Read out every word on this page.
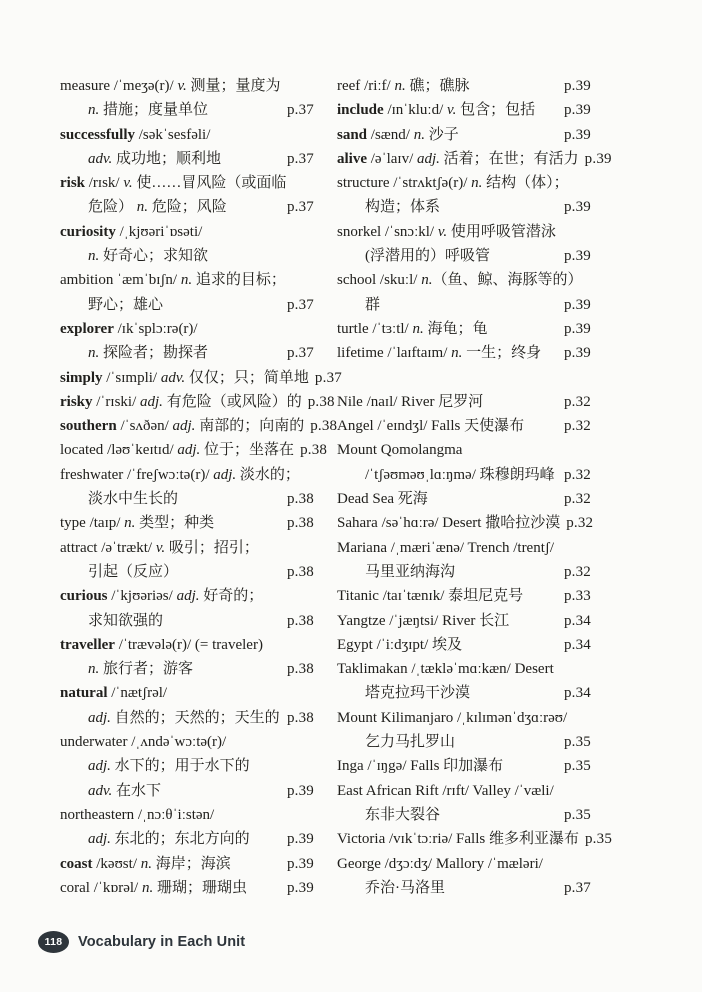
measure /ˈmeʒə(r)/ v. 测量；量度为
n. 措施；度量单位	p.37
successfully /səkˈsesfəli/
adv. 成功地；顺利地	p.37
risk /rɪsk/ v. 使……冒风险（或面临
危险） n. 危险；风险	p.37
curiosity /ˌkjʊəriˈɒsəti/
n. 好奇心；求知欲
ambition ˈæmˈbɪʃn/ n. 追求的目标；
野心；雄心	p.37
explorer /ɪkˈsplɔːrə(r)/
n. 探险者；勘探者	p.37
simply /ˈsɪmpli/ adv. 仅仅；只；简单地 p.37
risky /ˈrɪski/ adj. 有危险（或风险）的 p.38
southern /ˈsʌðən/ adj. 南部的；向南的 p.38
located /ləʊˈkeɪtɪd/ adj. 位于；坐落在 p.38
freshwater /ˈfreʃwɔːtə(r)/ adj. 淡水的；
淡水中生长的	p.38
type /taɪp/ n. 类型；种类	p.38
attract /əˈtrækt/ v. 吸引；招引；
引起（反应）	p.38
curious /ˈkjʊəriəs/ adj. 好奇的；
求知欲强的	p.38
traveller /ˈtrævələ(r)/ (= traveler)
n. 旅行者；游客	p.38
natural /ˈnætʃrəl/
adj. 自然的；天然的；天生的 p.38
underwater /ˌʌndəˈwɔːtə(r)/
adj. 水下的；用于水下的
adv. 在水下	p.39
northeastern /ˌnɔːθˈiːstən/
adj. 东北的；东北方向的	p.39
coast /kəʊst/ n. 海岸；海滨	p.39
coral /ˈkɒrəl/ n. 珊瑚；珊瑚虫	p.39
reef /riːf/ n. 礁；礁脉	p.39
include /ɪnˈkluːd/ v. 包含；包括	p.39
sand /sænd/ n. 沙子	p.39
alive /əˈlaɪv/ adj. 活着；在世；有活力 p.39
structure /ˈstrʌktʃə(r)/ n. 结构（体）；
构造；体系	p.39
snorkel /ˈsnɔːkl/ v. 使用呼吸管潜泳
(浮潜用的）呼吸管	p.39
school /skuːl/ n.（鱼、鲸、海豚等的）
群	p.39
turtle /ˈtɜːtl/ n. 海龟；龟	p.39
lifetime /ˈlaɪftaɪm/ n. 一生；终身	p.39
Nile /naɪl/ River 尼罗河	p.32
Angel /ˈeɪndʒl/ Falls 天使瀑布	p.32
Mount Qomolangma
/ˈtʃəʊməʊˌlɑːŋmə/ 珠穆朗玛峰 p.32
Dead Sea 死海	p.32
Sahara /səˈhɑːrə/ Desert 撒哈拉沙漠 p.32
Mariana /ˌmæriˈænə/ Trench /trentʃ/
马里亚纳海沟	p.32
Titanic /taɪˈtænɪk/ 泰坦尼克号	p.33
Yangtze /ˈjæŋtsi/ River 长江	p.34
Egypt /ˈiːdʒɪpt/ 埃及	p.34
Taklimakan /ˌtækləˈmɑːkæn/ Desert
塔克拉玛干沙漠	p.34
Mount Kilimanjaro /ˌkɪlɪmənˈdʒɑːrəʊ/
乞力马扎罗山	p.35
Inga /ˈɪŋgə/ Falls 印加瀑布	p.35
East African Rift /rɪft/ Valley /ˈvæli/
东非大裂谷	p.35
Victoria /vɪkˈtɔːriə/ Falls 维多利亚瀑布 p.35
George /dʒɔːdʒ/ Mallory /ˈmæləri/
乔治·马洛里	p.37
118 Vocabulary in Each Unit
